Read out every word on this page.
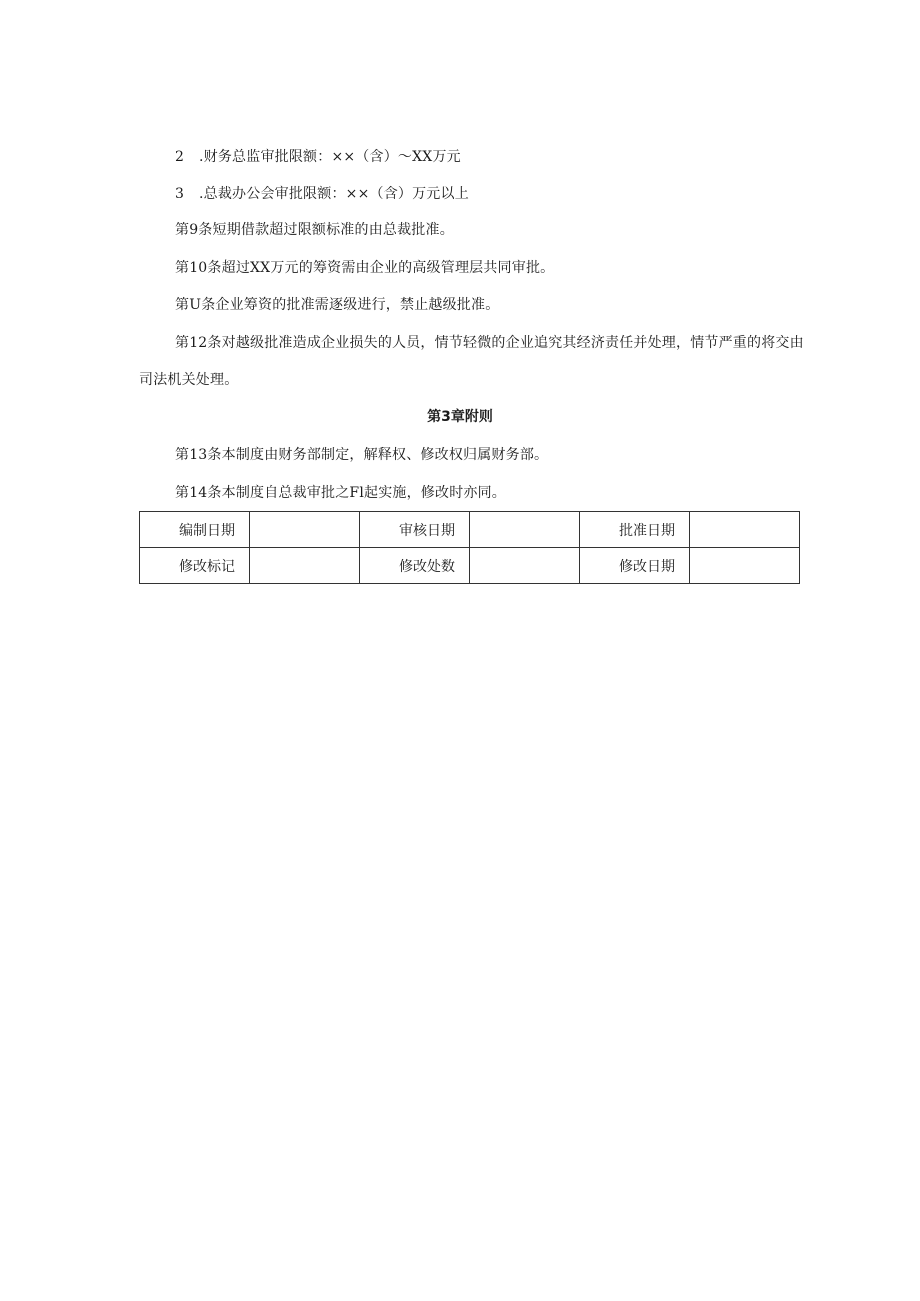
2 .财务总监审批限额：××（含）～XX万元
3 .总裁办公会审批限额：××（含）万元以上
第9条短期借款超过限额标准的由总裁批准。
第10条超过XX万元的筹资需由企业的高级管理层共同审批。
第U条企业筹资的批准需逐级进行，禁止越级批准。
第12条对越级批准造成企业损失的人员，情节轻微的企业追究其经济责任并处理，情节严重的将交由
司法机关处理。
第3章附则
第13条本制度由财务部制定，解释权、修改权归属财务部。
第14条本制度自总裁审批之Fl起实施，修改时亦同。
编制日期		审核日期		批准日期	
修改标记		修改处数		修改日期	
